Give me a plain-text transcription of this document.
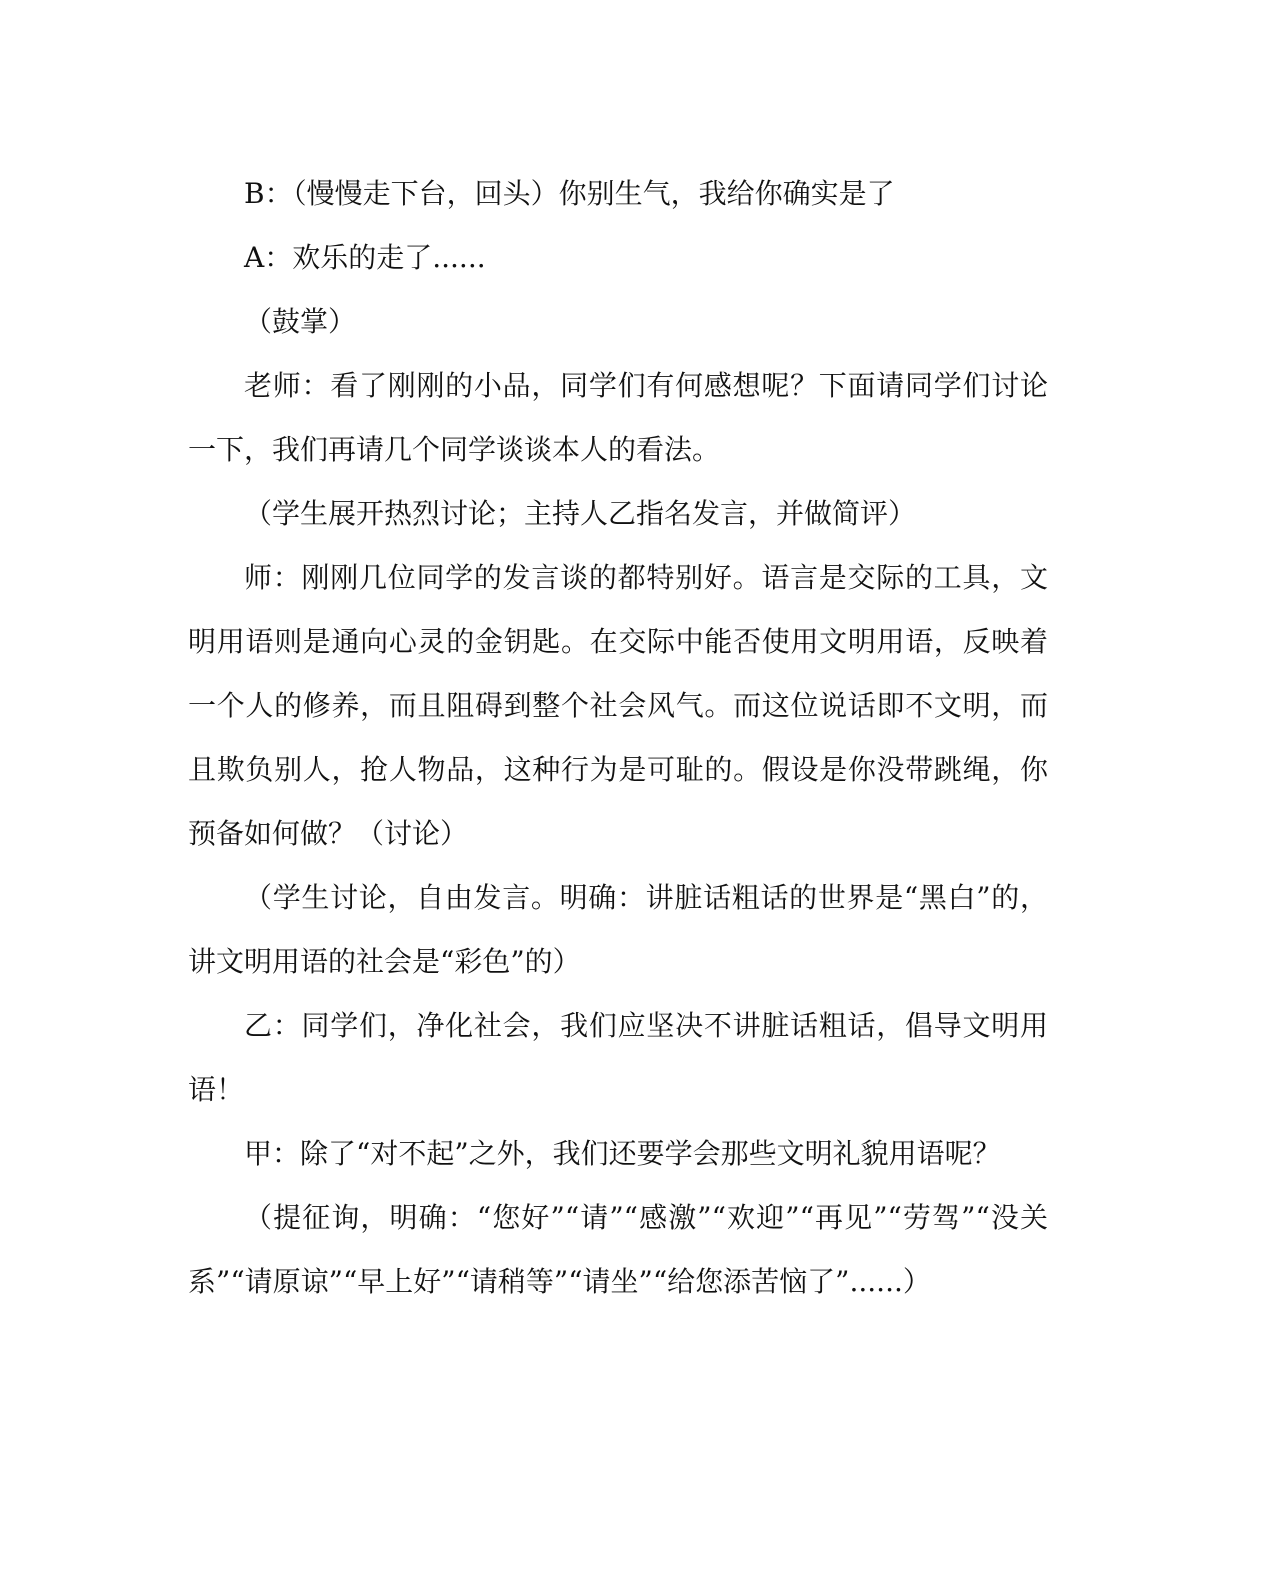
B：（慢慢走下台，回头）你别生气，我给你确实是了

A：欢乐的走了......

（鼓掌）

老师：看了刚刚的小品，同学们有何感想呢？下面请同学们讨论一下，我们再请几个同学谈谈本人的看法。

（学生展开热烈讨论；主持人乙指名发言，并做简评）

师：刚刚几位同学的发言谈的都特别好。语言是交际的工具，文明用语则是通向心灵的金钥匙。在交际中能否使用文明用语，反映着一个人的修养，而且阻碍到整个社会风气。而这位说话即不文明，而且欺负别人，抢人物品，这种行为是可耻的。假设是你没带跳绳，你预备如何做？（讨论）

（学生讨论，自由发言。明确：讲脏话粗话的世界是“黑白”的，讲文明用语的社会是“彩色”的）

乙：同学们，净化社会，我们应坚决不讲脏话粗话，倡导文明用语！

甲：除了“对不起”之外，我们还要学会那些文明礼貌用语呢？

（提征询，明确：“您好”“请”“感激”“欢迎”“再见”“劳驾”“没关系”“请原谅”“早上好”“请稍等”“请坐”“给您添苦恼了”......）
